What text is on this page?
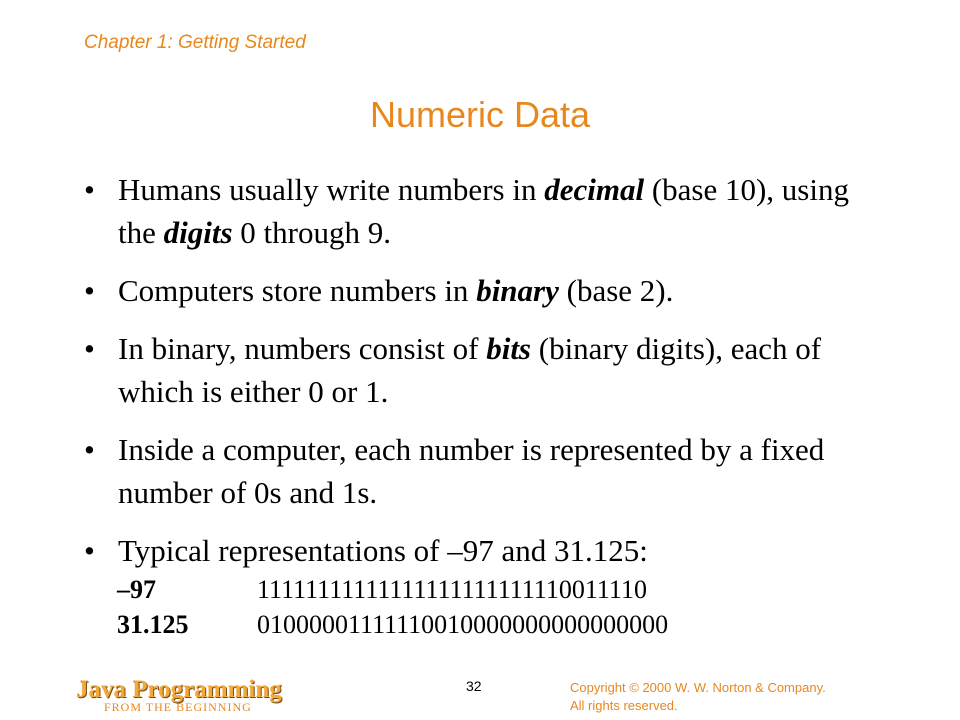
Chapter 1: Getting Started
Numeric Data
• Humans usually write numbers in decimal (base 10), using the digits 0 through 9.
• Computers store numbers in binary (base 2).
• In binary, numbers consist of bits (binary digits), each of which is either 0 or 1.
• Inside a computer, each number is represented by a fixed number of 0s and 1s.
• Typical representations of –97 and 31.125:
–97	11111111111111111111111110011110
31.125	01000001111110010000000000000000
Java Programming
FROM THE BEGINNING
32	Copyright © 2000 W. W. Norton & Company.
All rights reserved.
